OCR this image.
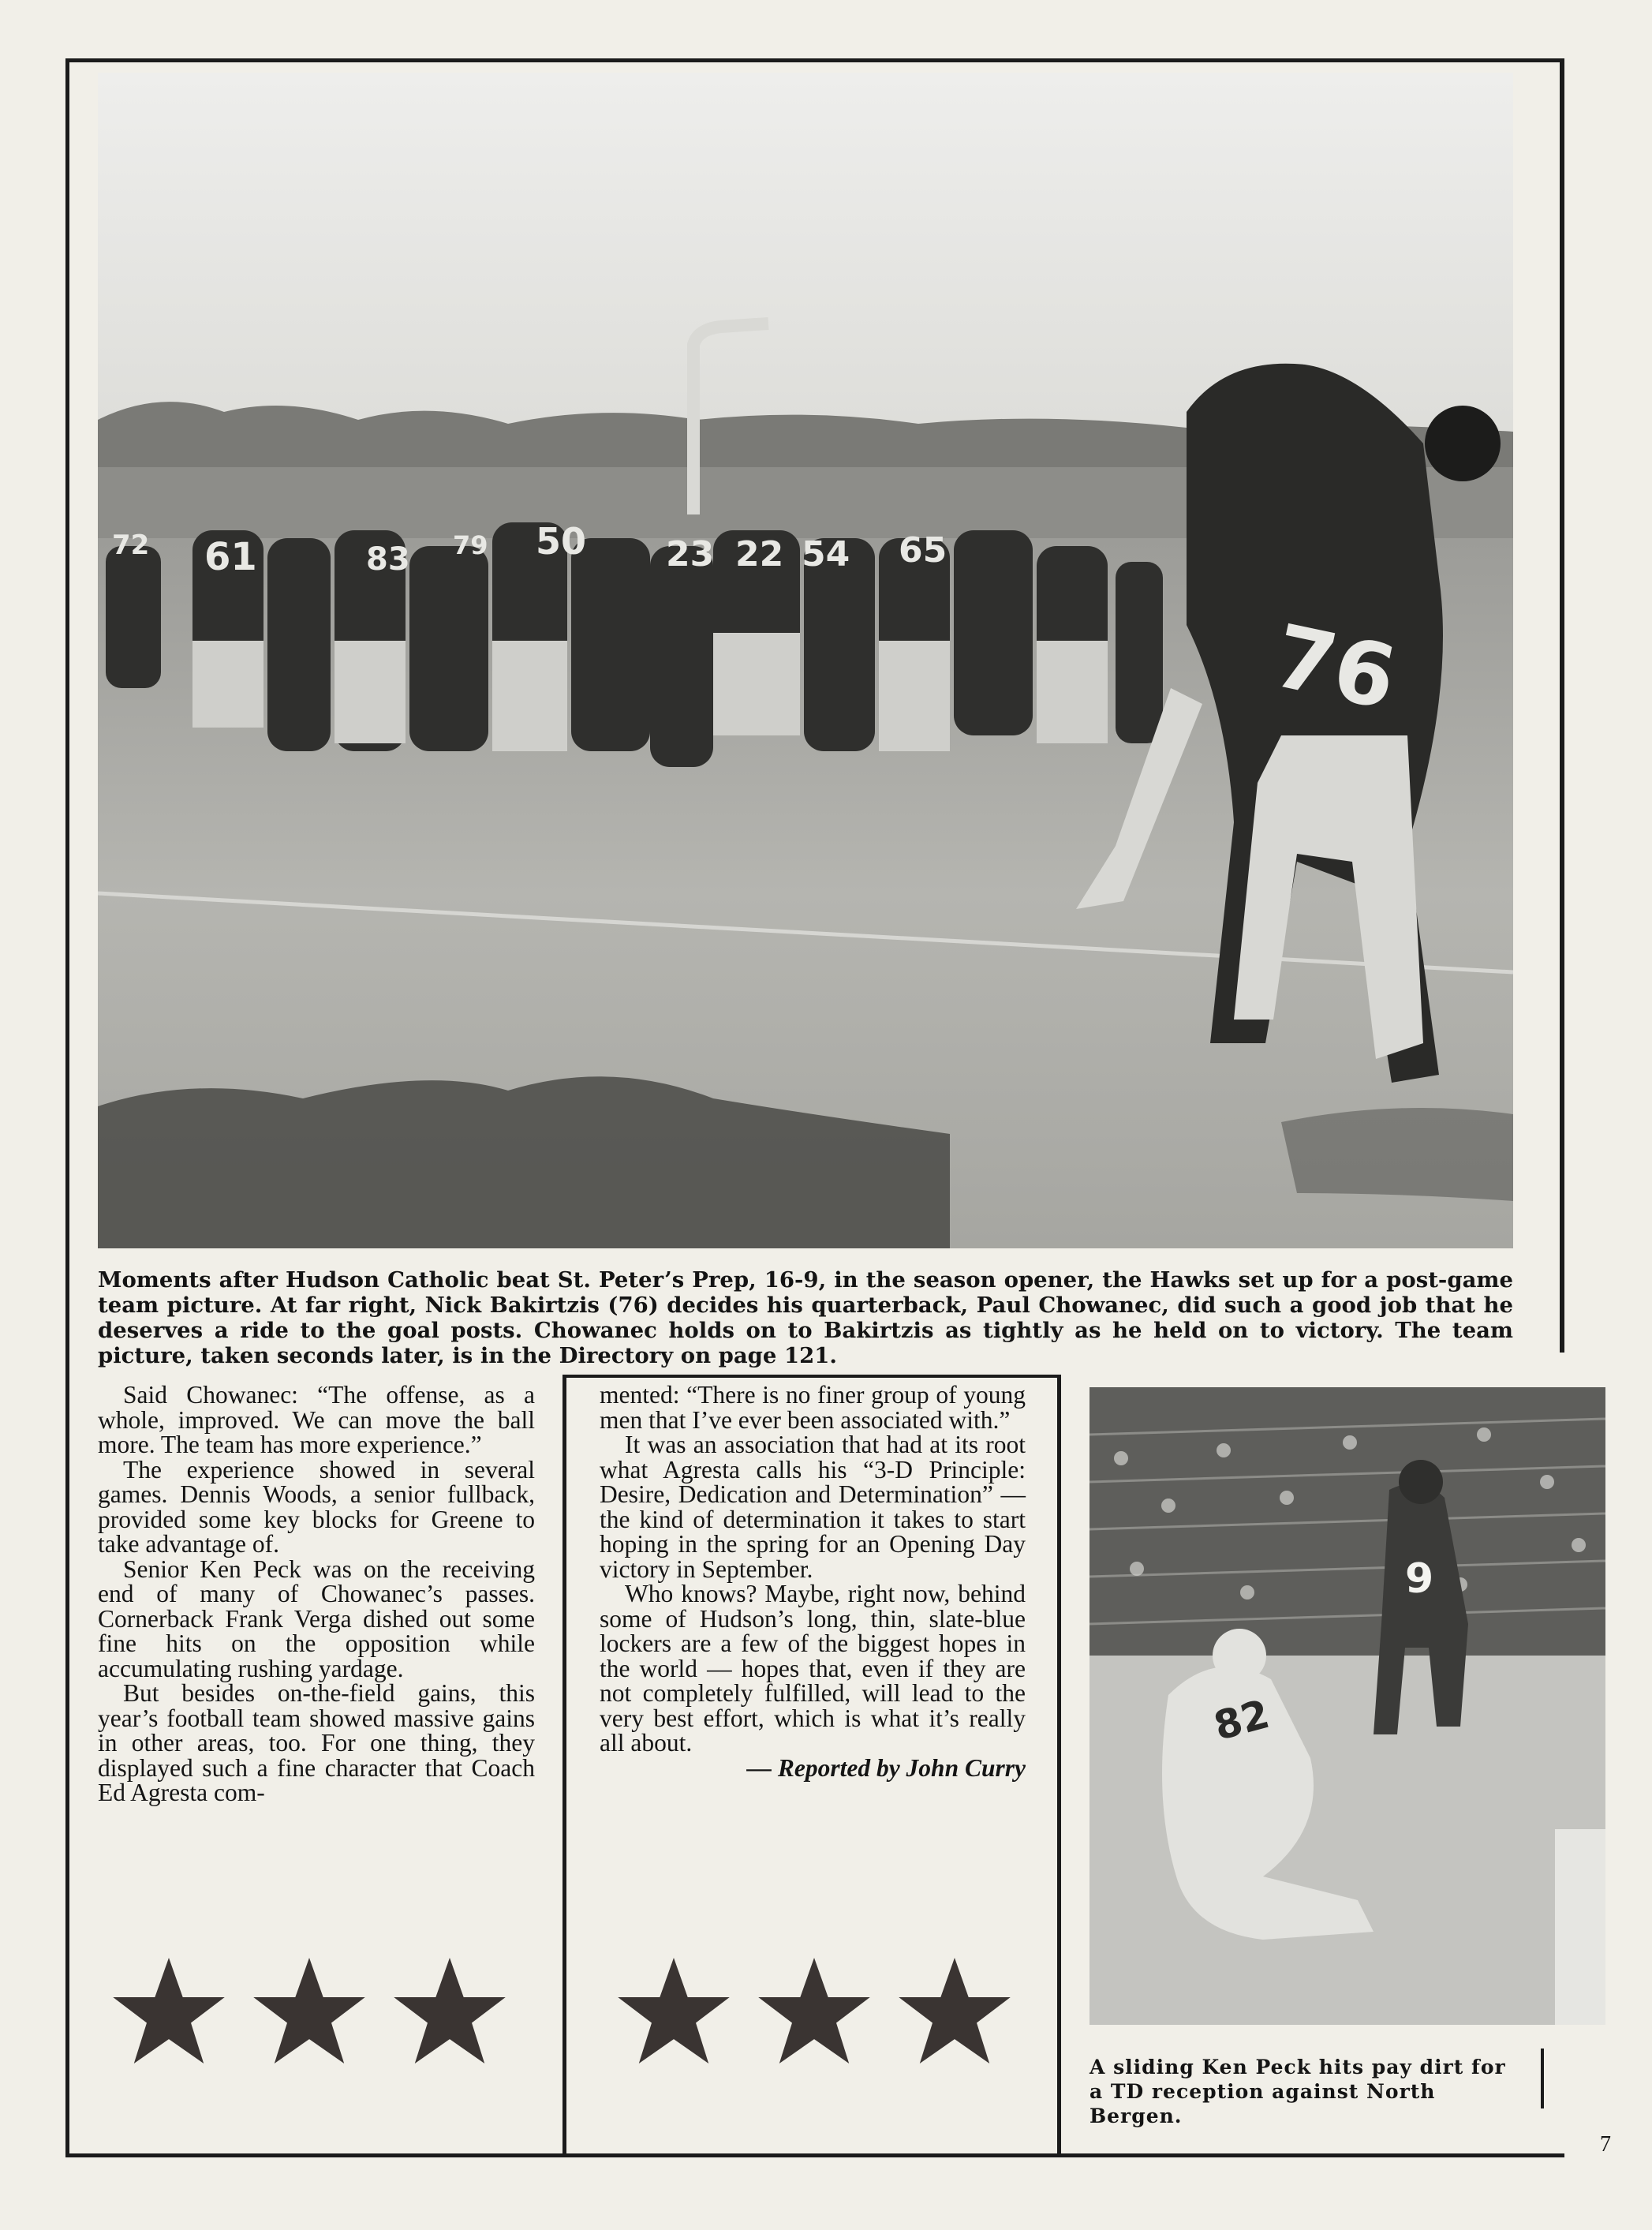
72 61	83 79 50 23 22 54 65
76
Moments after Hudson Catholic beat St. Peter’s Prep, 16-9, in the season opener, the Hawks set up for a post-game team picture. At far right, Nick Bakirtzis (76) decides his quarterback, Paul Chowanec, did such a good job that he deserves a ride to the goal posts. Chowanec holds on to Bakirtzis as tightly as he held on to victory. The team picture, taken seconds later, is in the Directory on page 121.

Said Chowanec: “The offense, as a whole, improved. We can move the ball more. The team has more experience.”

The experience showed in several games. Dennis Woods, a senior fullback, provided some key blocks for Greene to take advantage of.

Senior Ken Peck was on the receiving end of many of Chowanec’s passes. Cornerback Frank Verga dished out some fine hits on the opposition while accumulating rushing yardage.

But besides on-the-field gains, this year’s football team showed massive gains in other areas, too. For one thing, they displayed such a fine character that Coach Ed Agresta com-

mented: “There is no finer group of young men that I’ve ever been associated with.”

It was an association that had at its root what Agresta calls his “3-D Principle: Desire, Dedication and Determination” — the kind of determination it takes to start hoping in the spring for an Opening Day victory in September.

Who knows? Maybe, right now, behind some of Hudson’s long, thin, slate-blue lockers are a few of the biggest hopes in the world — hopes that, even if they are not completely fulfilled, will lead to the very best effort, which is what it’s really all about.

— Reported by John Curry

9
82
A sliding Ken Peck hits pay dirt for a TD reception against North Bergen.
7
